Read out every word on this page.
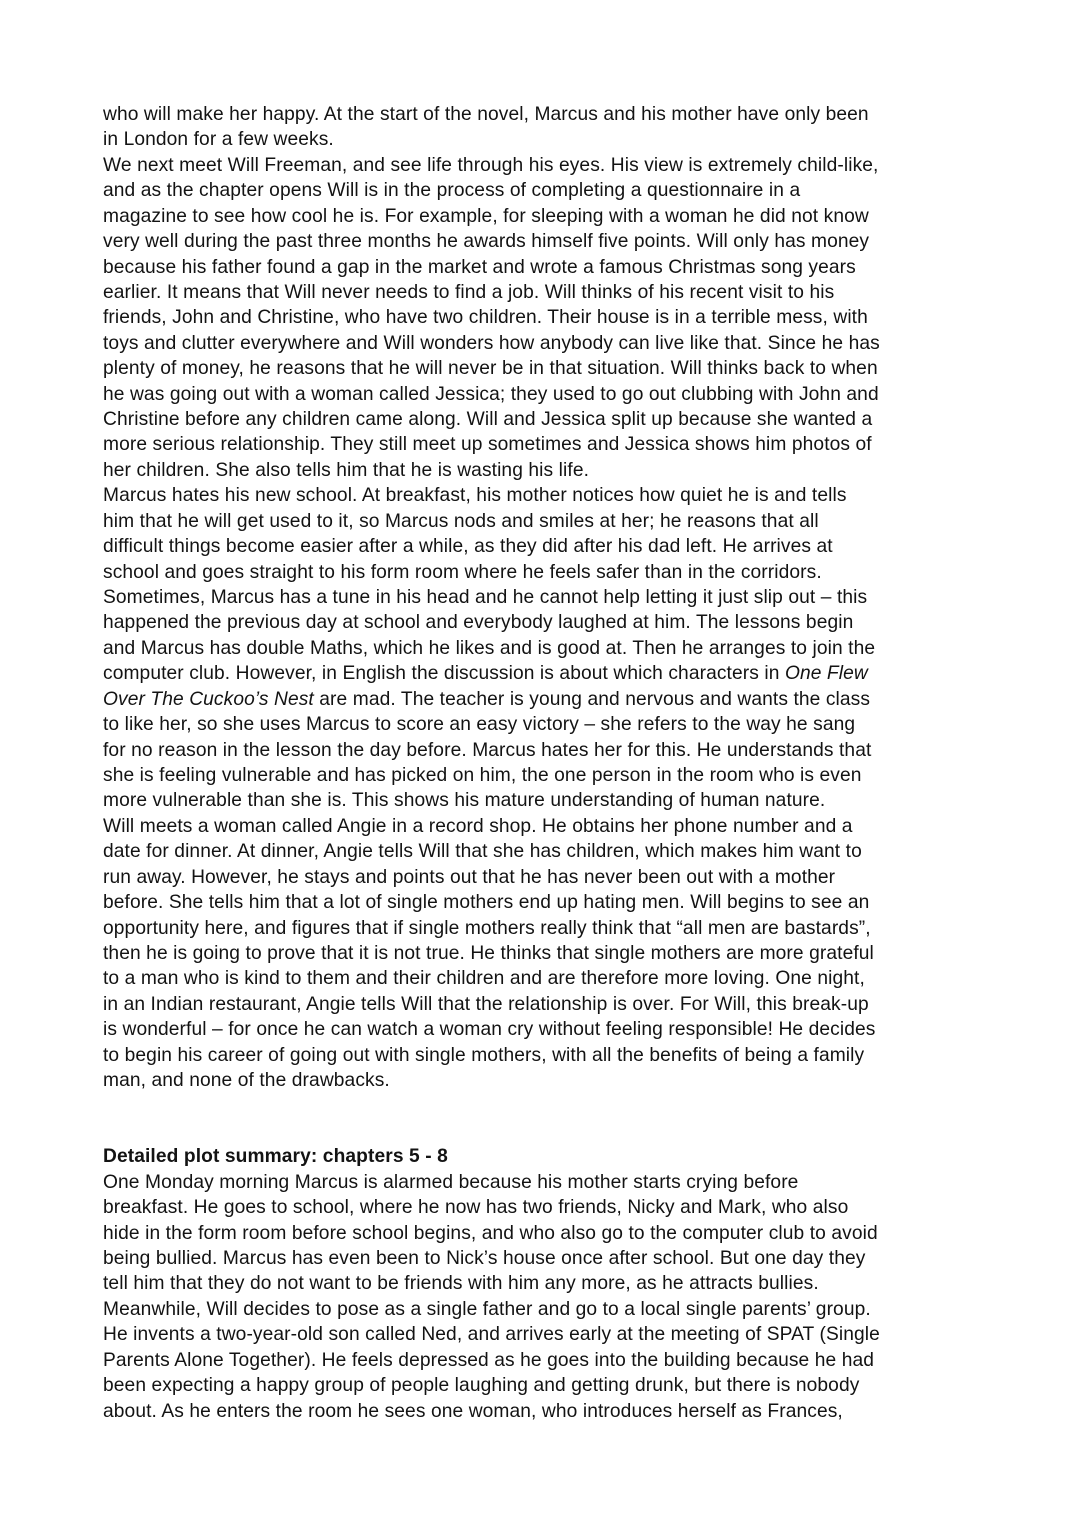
who will make her happy. At the start of the novel, Marcus and his mother have only been
in London for a few weeks.
We next meet Will Freeman, and see life through his eyes. His view is extremely child-like,
and as the chapter opens Will is in the process of completing a questionnaire in a
magazine to see how cool he is. For example, for sleeping with a woman he did not know
very well during the past three months he awards himself five points. Will only has money
because his father found a gap in the market and wrote a famous Christmas song years
earlier. It means that Will never needs to find a job. Will thinks of his recent visit to his
friends, John and Christine, who have two children. Their house is in a terrible mess, with
toys and clutter everywhere and Will wonders how anybody can live like that. Since he has
plenty of money, he reasons that he will never be in that situation. Will thinks back to when
he was going out with a woman called Jessica; they used to go out clubbing with John and
Christine before any children came along. Will and Jessica split up because she wanted a
more serious relationship. They still meet up sometimes and Jessica shows him photos of
her children. She also tells him that he is wasting his life.
Marcus hates his new school. At breakfast, his mother notices how quiet he is and tells
him that he will get used to it, so Marcus nods and smiles at her; he reasons that all
difficult things become easier after a while, as they did after his dad left. He arrives at
school and goes straight to his form room where he feels safer than in the corridors.
Sometimes, Marcus has a tune in his head and he cannot help letting it just slip out – this
happened the previous day at school and everybody laughed at him. The lessons begin
and Marcus has double Maths, which he likes and is good at. Then he arranges to join the
computer club. However, in English the discussion is about which characters in One Flew
Over The Cuckoo’s Nest are mad. The teacher is young and nervous and wants the class
to like her, so she uses Marcus to score an easy victory – she refers to the way he sang
for no reason in the lesson the day before. Marcus hates her for this. He understands that
she is feeling vulnerable and has picked on him, the one person in the room who is even
more vulnerable than she is. This shows his mature understanding of human nature.
Will meets a woman called Angie in a record shop. He obtains her phone number and a
date for dinner. At dinner, Angie tells Will that she has children, which makes him want to
run away. However, he stays and points out that he has never been out with a mother
before. She tells him that a lot of single mothers end up hating men. Will begins to see an
opportunity here, and figures that if single mothers really think that “all men are bastards”,
then he is going to prove that it is not true. He thinks that single mothers are more grateful
to a man who is kind to them and their children and are therefore more loving. One night,
in an Indian restaurant, Angie tells Will that the relationship is over. For Will, this break-up
is wonderful – for once he can watch a woman cry without feeling responsible! He decides
to begin his career of going out with single mothers, with all the benefits of being a family
man, and none of the drawbacks.

Detailed plot summary: chapters 5 - 8
One Monday morning Marcus is alarmed because his mother starts crying before
breakfast. He goes to school, where he now has two friends, Nicky and Mark, who also
hide in the form room before school begins, and who also go to the computer club to avoid
being bullied. Marcus has even been to Nick’s house once after school. But one day they
tell him that they do not want to be friends with him any more, as he attracts bullies.
Meanwhile, Will decides to pose as a single father and go to a local single parents’ group.
He invents a two-year-old son called Ned, and arrives early at the meeting of SPAT (Single
Parents Alone Together). He feels depressed as he goes into the building because he had
been expecting a happy group of people laughing and getting drunk, but there is nobody
about. As he enters the room he sees one woman, who introduces herself as Frances,
